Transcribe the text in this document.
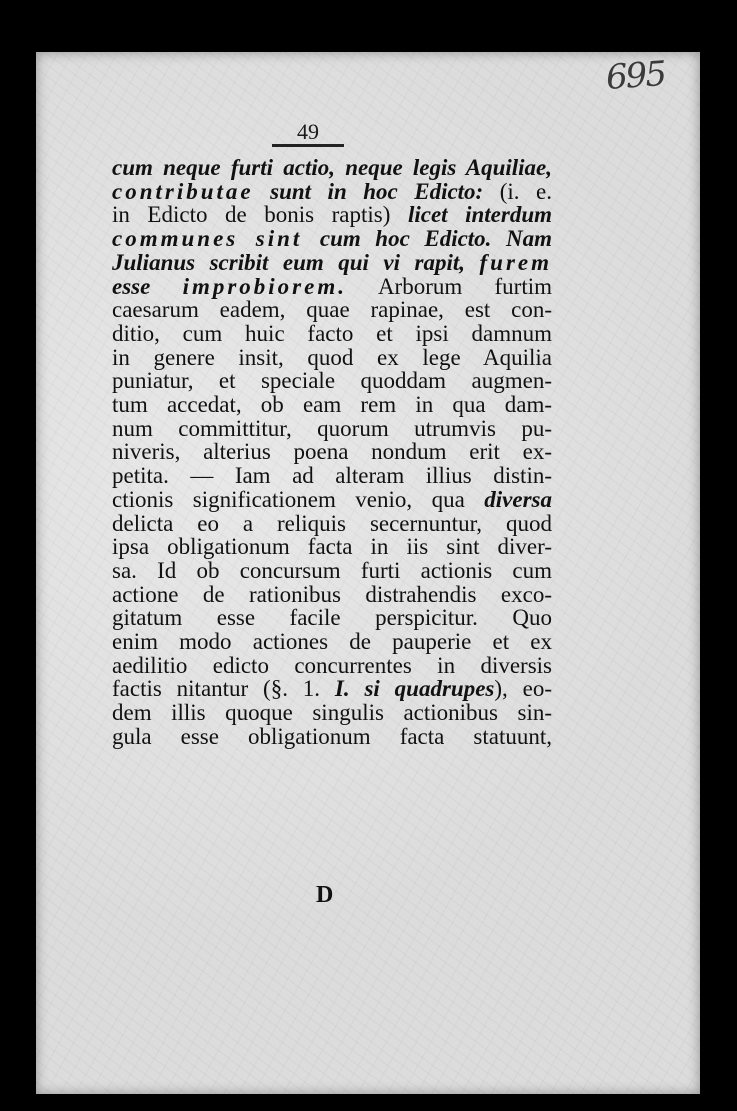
695
49
cum neque furti actio, neque legis Aquiliae,
contributae sunt in hoc Edicto: (i. e.
in Edicto de bonis raptis) licet interdum
communes sint cum hoc Edicto. Nam
Julianus scribit eum qui vi rapit, furem
esse improbiorem. Arborum furtim
caesarum eadem, quae rapinae, est con-
ditio, cum huic facto et ipsi damnum
in genere insit, quod ex lege Aquilia
puniatur, et speciale quoddam augmen-
tum accedat, ob eam rem in qua dam-
num committitur, quorum utrumvis pu-
niveris, alterius poena nondum erit ex-
petita. — Iam ad alteram illius distin-
ctionis significationem venio, qua diversa
delicta eo a reliquis secernuntur, quod
ipsa obligationum facta in iis sint diver-
sa. Id ob concursum furti actionis cum
actione de rationibus distrahendis exco-
gitatum esse facile perspicitur. Quo
enim modo actiones de pauperie et ex
aedilitio edicto concurrentes in diversis
factis nitantur (§. 1. I. si quadrupes), eo-
dem illis quoque singulis actionibus sin-
gula esse obligationum facta statuunt,
D
